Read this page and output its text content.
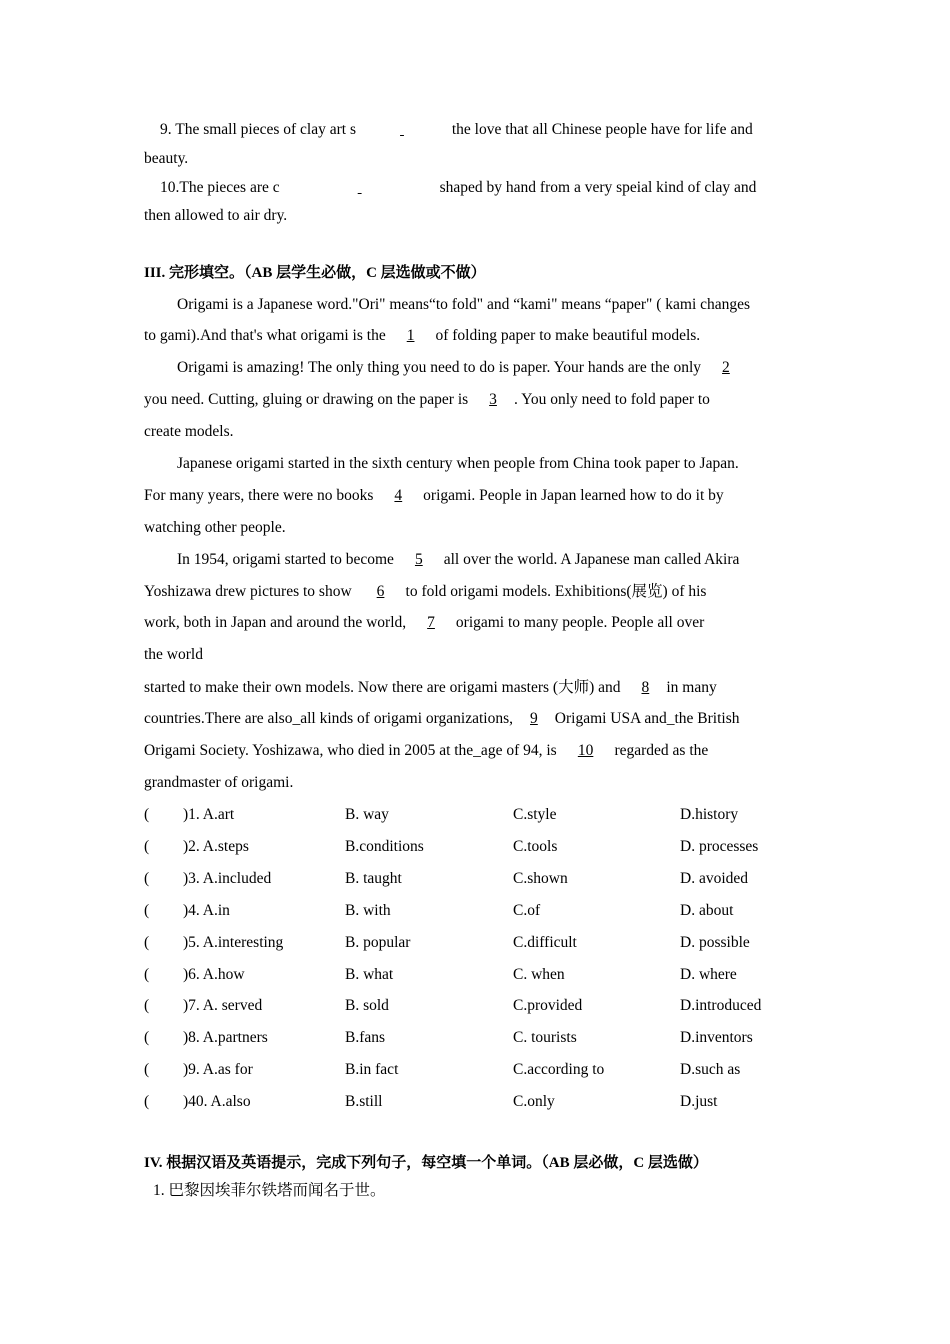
9. The small pieces of clay art s	the love that all Chinese people have for life and
beauty.
10.The pieces are c	shaped by hand from a very speial kind of clay and
then allowed to air dry.
III. 完形填空。（AB 层学生必做，C 层选做或不做）
Origami is a Japanese word."Ori" means“to fold" and “kami" means “paper" ( kami changes
to gami).And that's what origami is the 1 of folding paper to make beautiful models.
Origami is amazing! The only thing you need to do is paper. Your hands are the only 2
you need. Cutting, gluing or drawing on the paper is 3 . You only need to fold paper to
create models.
Japanese origami started in the sixth century when people from China took paper to Japan.
For many years, there were no books 4 origami. People in Japan learned how to do it by
watching other people.
In 1954, origami started to become 5 all over the world. A Japanese man called Akira
Yoshizawa drew pictures to show 6 to fold origami models. Exhibitions(展览) of his
work, both in Japan and around the world, 7 origami to many people. People all over
the world
started to make their own models. Now there are origami masters (大师) and 8 in many
countries.There are also_all kinds of origami organizations, 9 Origami USA and_the British
Origami Society. Yoshizawa, who died in 2005 at the_age of 94, is 10 regarded as the
grandmaster of origami.
( )1. A.art	B. way	C.style	D.history
( )2. A.steps	B.conditions	C.tools	D. processes
( )3. A.included	B. taught	C.shown	D. avoided
( )4. A.in	B. with	C.of	D. about
( )5. A.interesting	B. popular	C.difficult	D. possible
( )6. A.how	B. what	C. when	D. where
( )7. A. served	B. sold	C.provided	D.introduced
( )8. A.partners	B.fans	C. tourists	D.inventors
( )9. A.as for	B.in fact	C.according to	D.such as
( )40. A.also	B.still	C.only	D.just
IV. 根据汉语及英语提示，完成下列句子，每空填一个单词。（AB 层必做，C 层选做）
1. 巴黎因埃菲尔铁塔而闻名于世。
